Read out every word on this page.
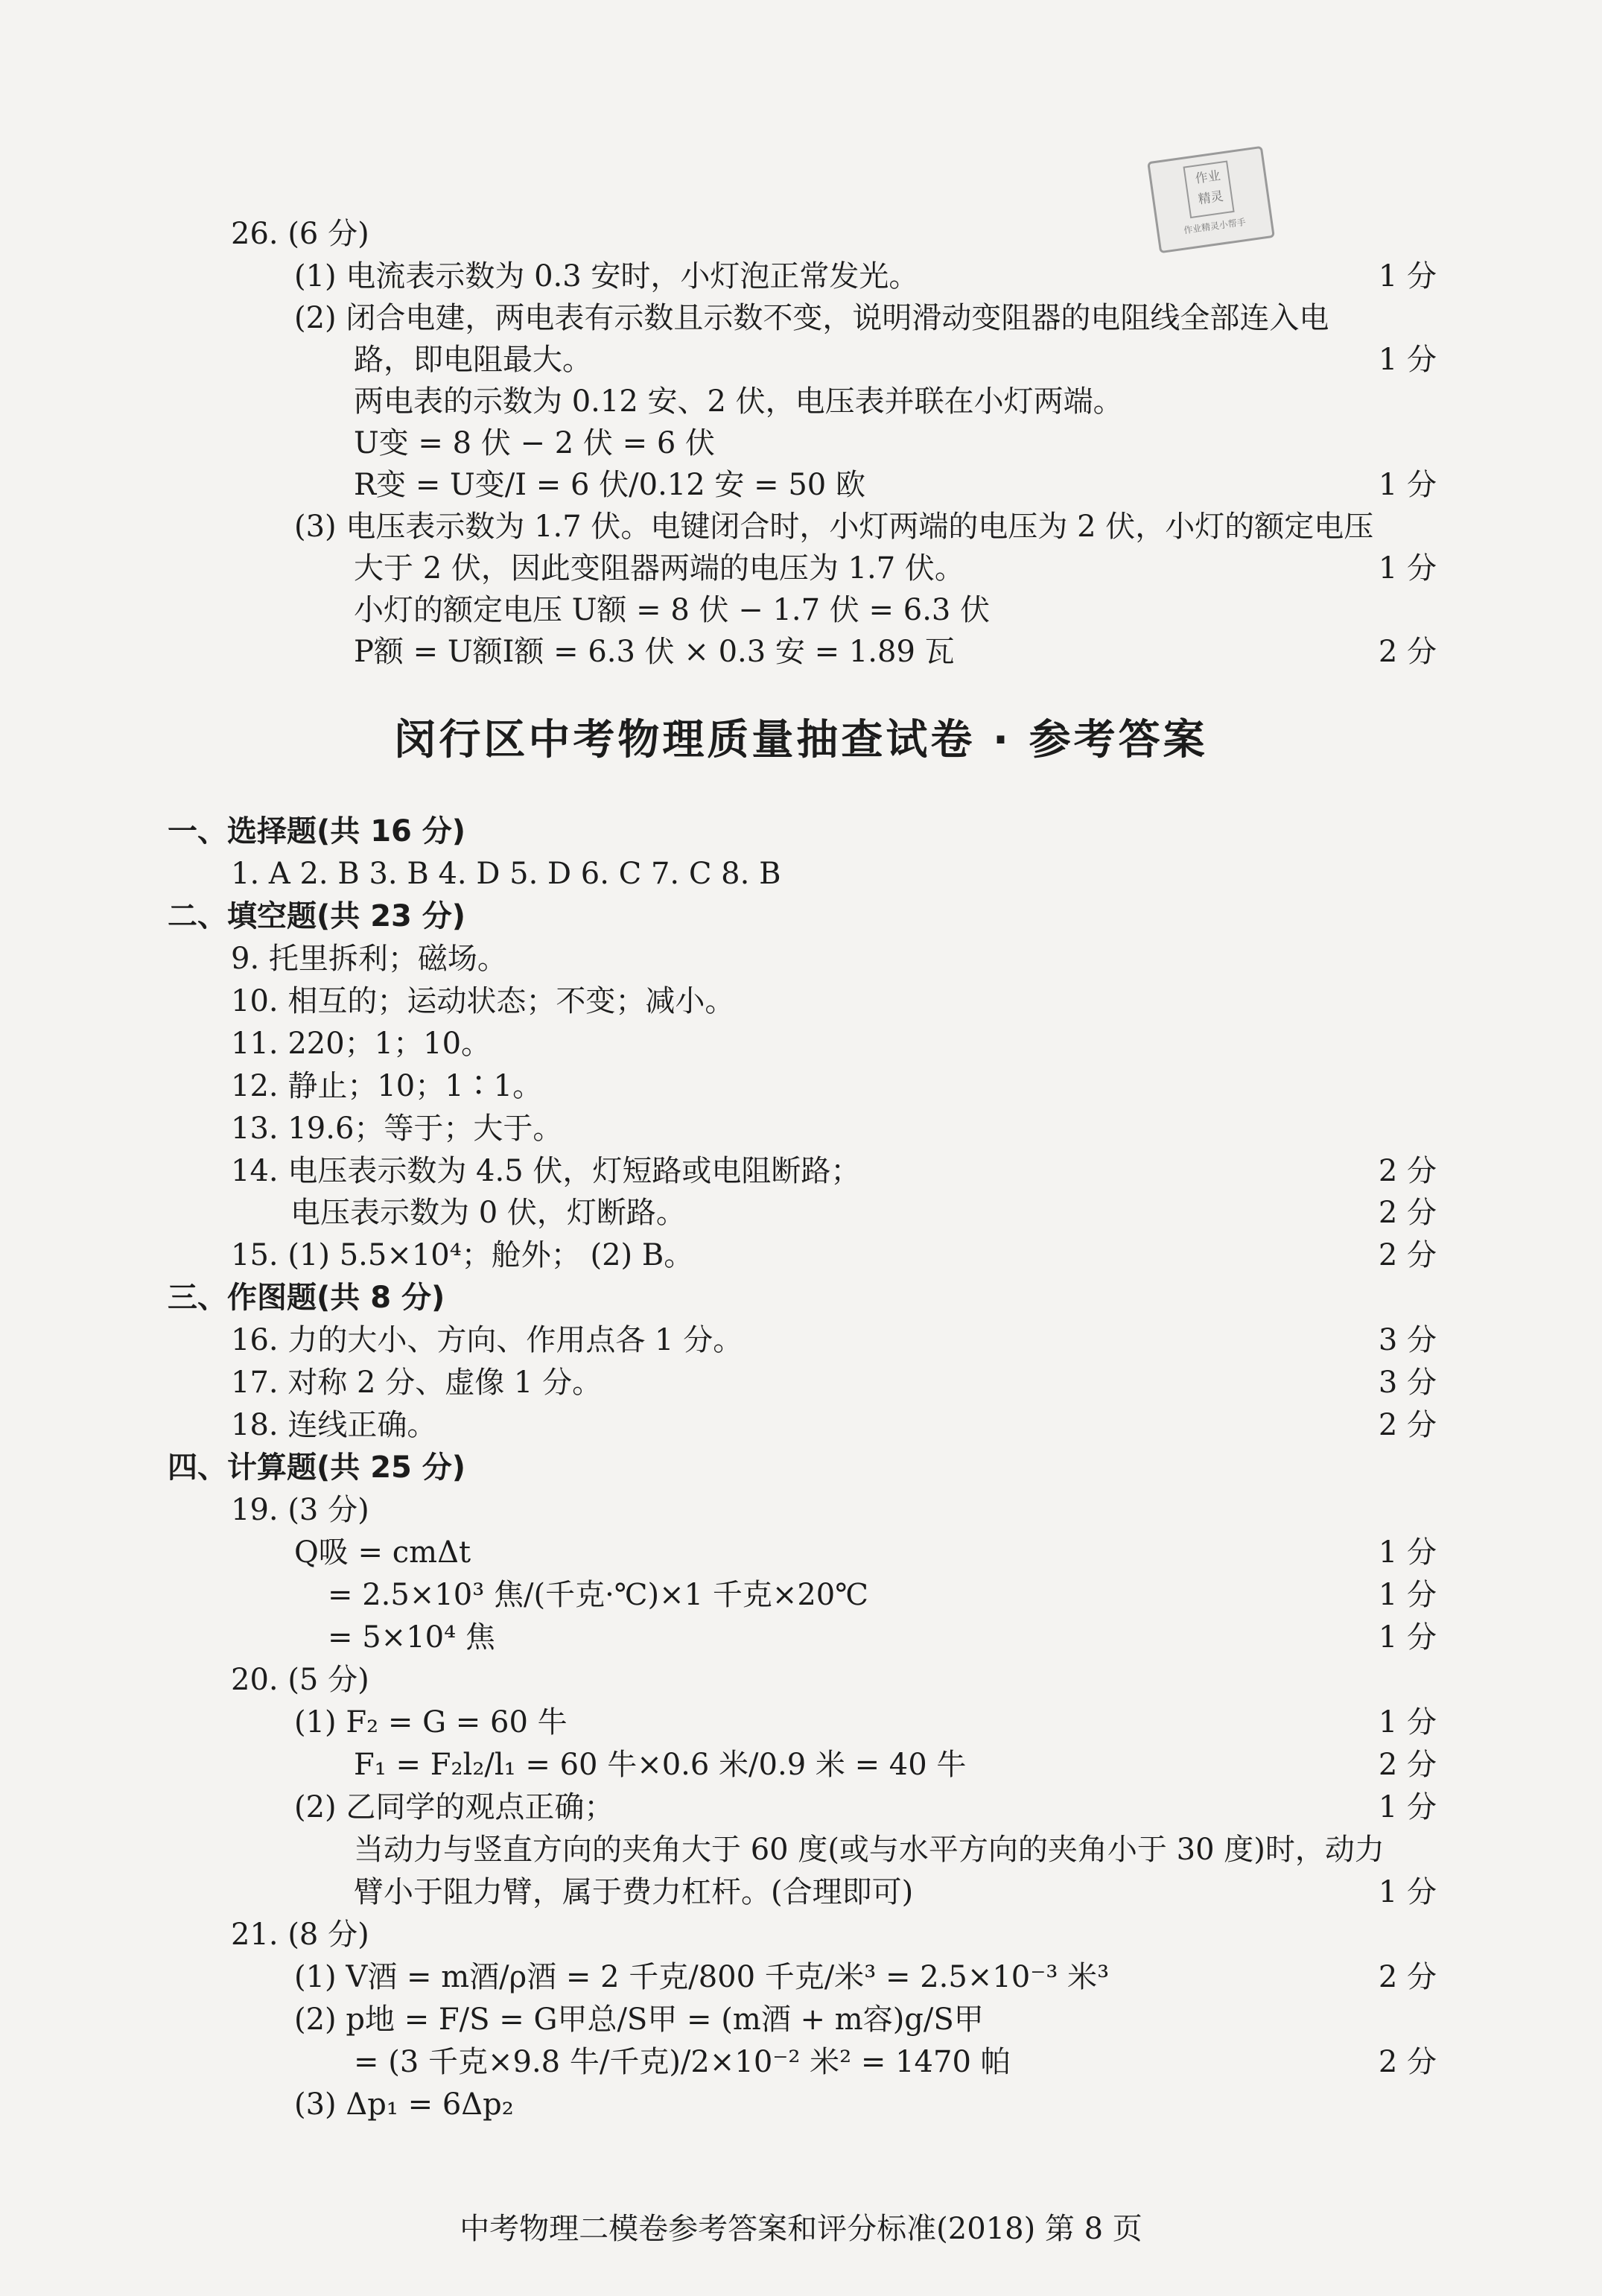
作业
精灵
作业精灵小帮手
闵行区中考物理质量抽查试卷 · 参考答案
26. (6 分)
(1) 电流表示数为 0.3 安时，小灯泡正常发光。	1 分
(2) 闭合电建，两电表有示数且示数不变，说明滑动变阻器的电阻线全部连入电
路，即电阻最大。	1 分
两电表的示数为 0.12 安、2 伏，电压表并联在小灯两端。
U变 = 8 伏 − 2 伏 = 6 伏
R变 = U变/I = 6 伏/0.12 安 = 50 欧	1 分
(3) 电压表示数为 1.7 伏。电键闭合时，小灯两端的电压为 2 伏，小灯的额定电压
大于 2 伏，因此变阻器两端的电压为 1.7 伏。	1 分
小灯的额定电压 U额 = 8 伏 − 1.7 伏 = 6.3 伏
P额 = U额I额 = 6.3 伏 × 0.3 安 = 1.89 瓦	2 分
一、选择题(共 16 分)
1. A 2. B 3. B 4. D 5. D 6. C 7. C 8. B
二、填空题(共 23 分)
9. 托里拆利；磁场。
10. 相互的；运动状态；不变；减小。
11. 220；1；10。
12. 静止；10；1∶1。
13. 19.6；等于；大于。
14. 电压表示数为 4.5 伏，灯短路或电阻断路；	2 分
电压表示数为 0 伏，灯断路。	2 分
15. (1) 5.5×10⁴；舱外； (2) B。	2 分
三、作图题(共 8 分)
16. 力的大小、方向、作用点各 1 分。	3 分
17. 对称 2 分、虚像 1 分。	3 分
18. 连线正确。	2 分
四、计算题(共 25 分)
19. (3 分)
Q吸 = cmΔt	1 分
= 2.5×10³ 焦/(千克·℃)×1 千克×20℃	1 分
= 5×10⁴ 焦	1 分
20. (5 分)
(1) F₂ = G = 60 牛	1 分
F₁ = F₂l₂/l₁ = 60 牛×0.6 米/0.9 米 = 40 牛	2 分
(2) 乙同学的观点正确；	1 分
当动力与竖直方向的夹角大于 60 度(或与水平方向的夹角小于 30 度)时，动力
臂小于阻力臂，属于费力杠杆。(合理即可)	1 分
21. (8 分)
(1) V酒 = m酒/ρ酒 = 2 千克/800 千克/米³ = 2.5×10⁻³ 米³	2 分
(2) p地 = F/S = G甲总/S甲 = (m酒 + m容)g/S甲
= (3 千克×9.8 牛/千克)/2×10⁻² 米² = 1470 帕	2 分
(3) Δp₁ = 6Δp₂
中考物理二模卷参考答案和评分标准(2018) 第 8 页
